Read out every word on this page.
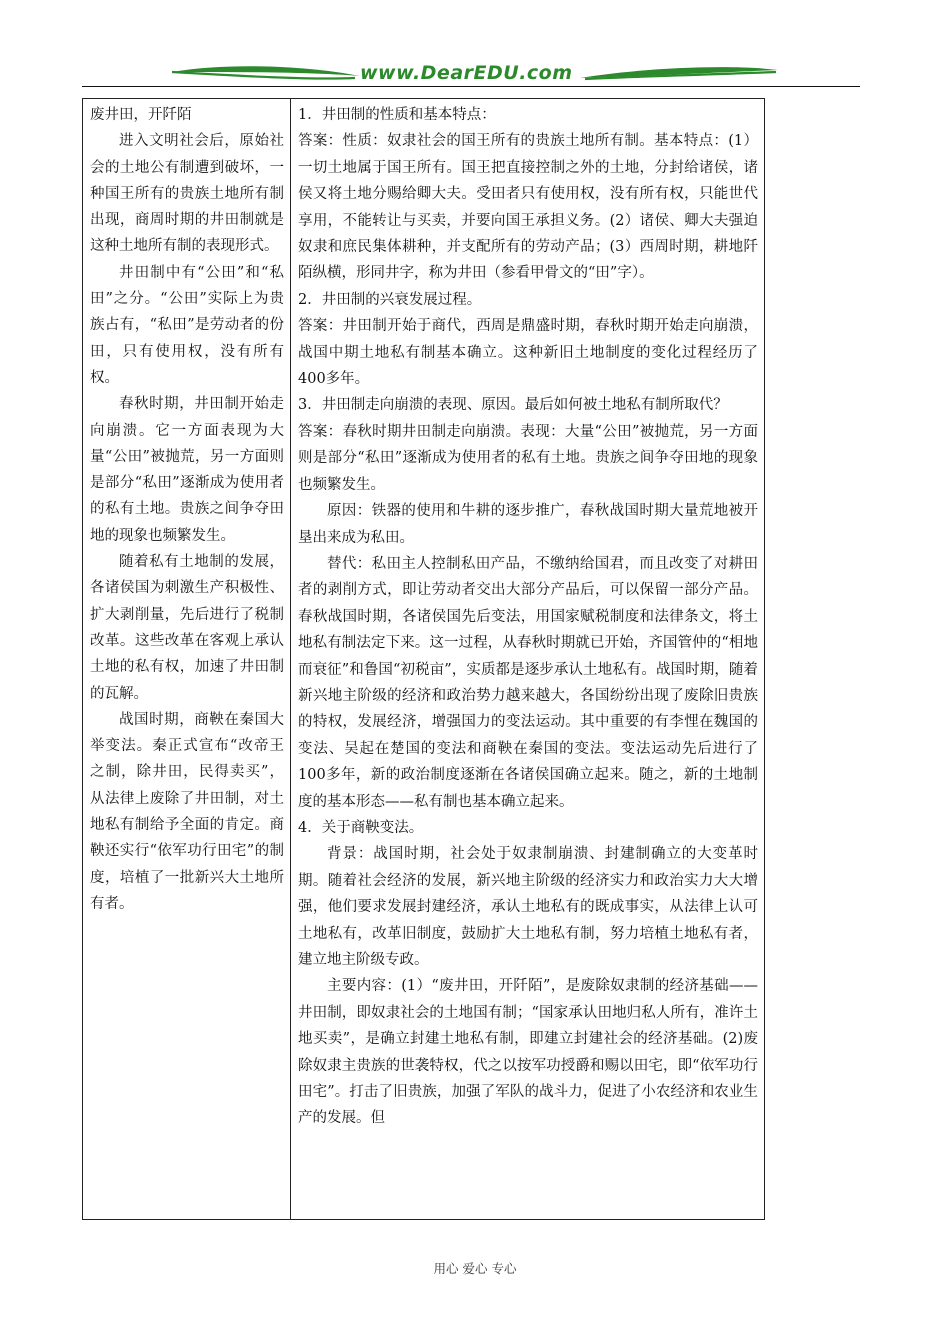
www.DearEDU.com

废井田，开阡陌

进入文明社会后，原始社会的土地公有制遭到破坏，一种国王所有的贵族土地所有制出现，商周时期的井田制就是这种土地所有制的表现形式。

井田制中有“公田”和“私田”之分。“公田”实际上为贵族占有，“私田”是劳动者的份田，只有使用权，没有所有权。

春秋时期，井田制开始走向崩溃。它一方面表现为大量“公田”被抛荒，另一方面则是部分“私田”逐渐成为使用者的私有土地。贵族之间争夺田地的现象也频繁发生。

随着私有土地制的发展，各诸侯国为刺激生产积极性、扩大剥削量，先后进行了税制改革。这些改革在客观上承认土地的私有权，加速了井田制的瓦解。

战国时期，商鞅在秦国大举变法。秦正式宣布“改帝王之制，除井田，民得卖买”，从法律上废除了井田制，对土地私有制给予全面的肯定。商鞅还实行“依军功行田宅”的制度，培植了一批新兴大土地所有者。

1．井田制的性质和基本特点：

答案：性质：奴隶社会的国王所有的贵族土地所有制。基本特点：(1）一切土地属于国王所有。国王把直接控制之外的土地，分封给诸侯，诸侯又将土地分赐给卿大夫。受田者只有使用权，没有所有权，只能世代享用，不能转让与买卖，并要向国王承担义务。(2）诸侯、卿大夫强迫奴隶和庶民集体耕种，并支配所有的劳动产品；(3）西周时期，耕地阡陌纵横，形同井字，称为井田（参看甲骨文的“田”字）。

2．井田制的兴衰发展过程。

答案：井田制开始于商代，西周是鼎盛时期，春秋时期开始走向崩溃，战国中期土地私有制基本确立。这种新旧土地制度的变化过程经历了400多年。

3．井田制走向崩溃的表现、原因。最后如何被土地私有制所取代？

答案：春秋时期井田制走向崩溃。表现：大量“公田”被抛荒，另一方面则是部分“私田”逐渐成为使用者的私有土地。贵族之间争夺田地的现象也频繁发生。

原因：铁器的使用和牛耕的逐步推广，春秋战国时期大量荒地被开垦出来成为私田。

替代：私田主人控制私田产品，不缴纳给国君，而且改变了对耕田者的剥削方式，即让劳动者交出大部分产品后，可以保留一部分产品。春秋战国时期，各诸侯国先后变法，用国家赋税制度和法律条文，将土地私有制法定下来。这一过程，从春秋时期就已开始，齐国管仲的“相地而衰征”和鲁国“初税亩”，实质都是逐步承认土地私有。战国时期，随着新兴地主阶级的经济和政治势力越来越大，各国纷纷出现了废除旧贵族的特权，发展经济，增强国力的变法运动。其中重要的有李悝在魏国的变法、吴起在楚国的变法和商鞅在秦国的变法。变法运动先后进行了100多年，新的政治制度逐渐在各诸侯国确立起来。随之，新的土地制度的基本形态——私有制也基本确立起来。

4．关于商鞅变法。

背景：战国时期，社会处于奴隶制崩溃、封建制确立的大变革时期。随着社会经济的发展，新兴地主阶级的经济实力和政治实力大大增强，他们要求发展封建经济，承认土地私有的既成事实，从法律上认可土地私有，改革旧制度，鼓励扩大土地私有制，努力培植土地私有者，建立地主阶级专政。

主要内容：(1）“废井田，开阡陌”，是废除奴隶制的经济基础——井田制，即奴隶社会的土地国有制；“国家承认田地归私人所有，准许土地买卖”，是确立封建土地私有制，即建立封建社会的经济基础。(2)废除奴隶主贵族的世袭特权，代之以按军功授爵和赐以田宅，即“依军功行田宅”。打击了旧贵族，加强了军队的战斗力，促进了小农经济和农业生产的发展。但

用心 爱心 专心
